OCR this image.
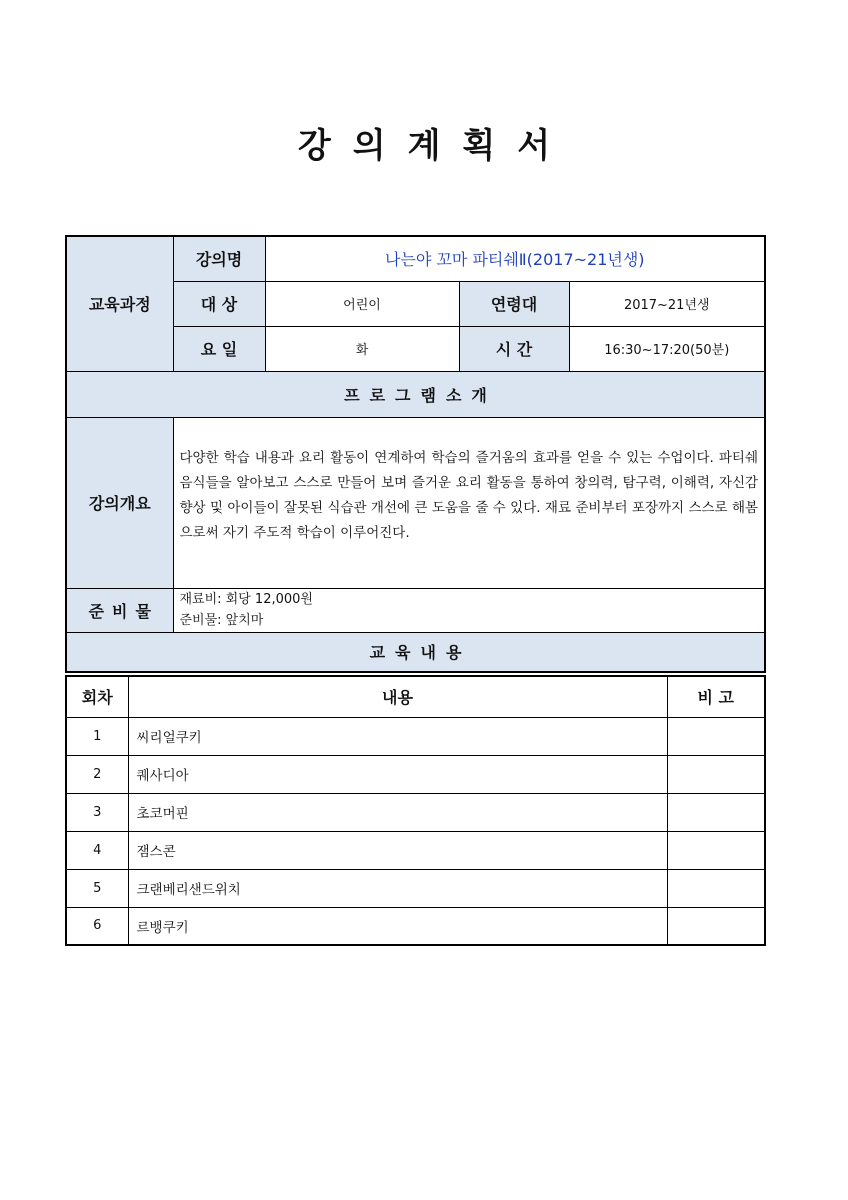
강의계획서
교육과정	강의명	나는야 꼬마 파티쉐Ⅱ(2017~21년생)		
	대 상	어린이	연령대	2017~21년생
	요 일	화	시 간	16:30~17:20(50분)
프로그램소개				
강의개요	다양한 학습 내용과 요리 활동이 연계하여 학습의 즐거움의 효과를 얻을 수 있는 수업이다. 파티쉐 음식들을 알아보고 스스로 만들어 보며 즐거운 요리 활동을 통하여 창의력, 탐구력, 이해력, 자신감 향상 및 아이들이 잘못된 식습관 개선에 큰 도움을 줄 수 있다. 재료 준비부터 포장까지 스스로 해봄으로써 자기 주도적 학습이 이루어진다.			
준비물	재료비: 회당 12,000원
준비물: 앞치마			

교육내용				
회차	내용	비 고
1	씨리얼쿠키	
2	퀘사디아	
3	초코머핀	
4	잼스콘	
5	크랜베리샌드위치	
6	르뱅쿠키	
